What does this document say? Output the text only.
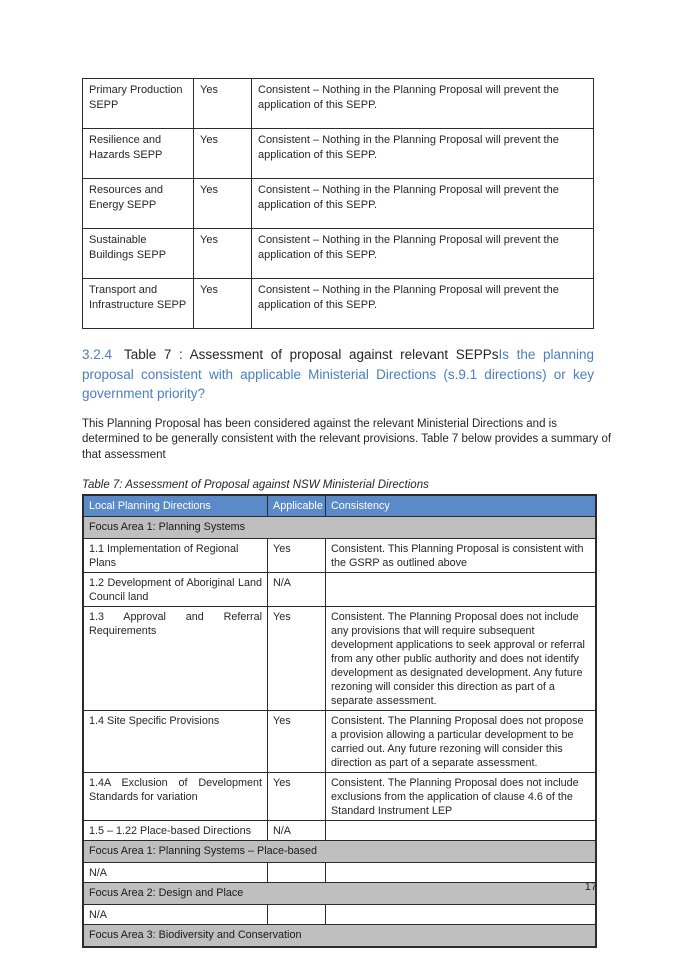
Primary Production SEPP	Yes	Consistent – Nothing in the Planning Proposal will prevent the application of this SEPP.
Resilience and Hazards SEPP	Yes	Consistent – Nothing in the Planning Proposal will prevent the application of this SEPP.
Resources and Energy SEPP	Yes	Consistent – Nothing in the Planning Proposal will prevent the application of this SEPP.
Sustainable Buildings SEPP	Yes	Consistent – Nothing in the Planning Proposal will prevent the application of this SEPP.
Transport and Infrastructure SEPP	Yes	Consistent – Nothing in the Planning Proposal will prevent the application of this SEPP.
3.2.4 Table 7 : Assessment of proposal against relevant SEPPsIs the planning proposal consistent with applicable Ministerial Directions (s.9.1 directions) or key government priority?

This Planning Proposal has been considered against the relevant Ministerial Directions and is determined to be generally consistent with the relevant provisions. Table 7 below provides a summary of that assessment

Table 7: Assessment of Proposal against NSW Ministerial Directions

Local Planning Directions	Applicable	Consistency
Focus Area 1: Planning Systems		
1.1 Implementation of Regional Plans	Yes	Consistent. This Planning Proposal is consistent with the GSRP as outlined above
1.2 Development of Aboriginal Land Council land	N/A	
1.3 Approval and Referral Requirements	Yes	Consistent. The Planning Proposal does not include any provisions that will require subsequent development applications to seek approval or referral from any other public authority and does not identify development as designated development. Any future rezoning will consider this direction as part of a separate assessment.
1.4 Site Specific Provisions	Yes	Consistent. The Planning Proposal does not propose a provision allowing a particular development to be carried out. Any future rezoning will consider this direction as part of a separate assessment.
1.4A Exclusion of Development Standards for variation	Yes	Consistent. The Planning Proposal does not include exclusions from the application of clause 4.6 of the Standard Instrument LEP
1.5 – 1.22 Place-based Directions	N/A	
Focus Area 1: Planning Systems – Place-based		
N/A		
Focus Area 2: Design and Place		
N/A		
Focus Area 3: Biodiversity and Conservation		
17
